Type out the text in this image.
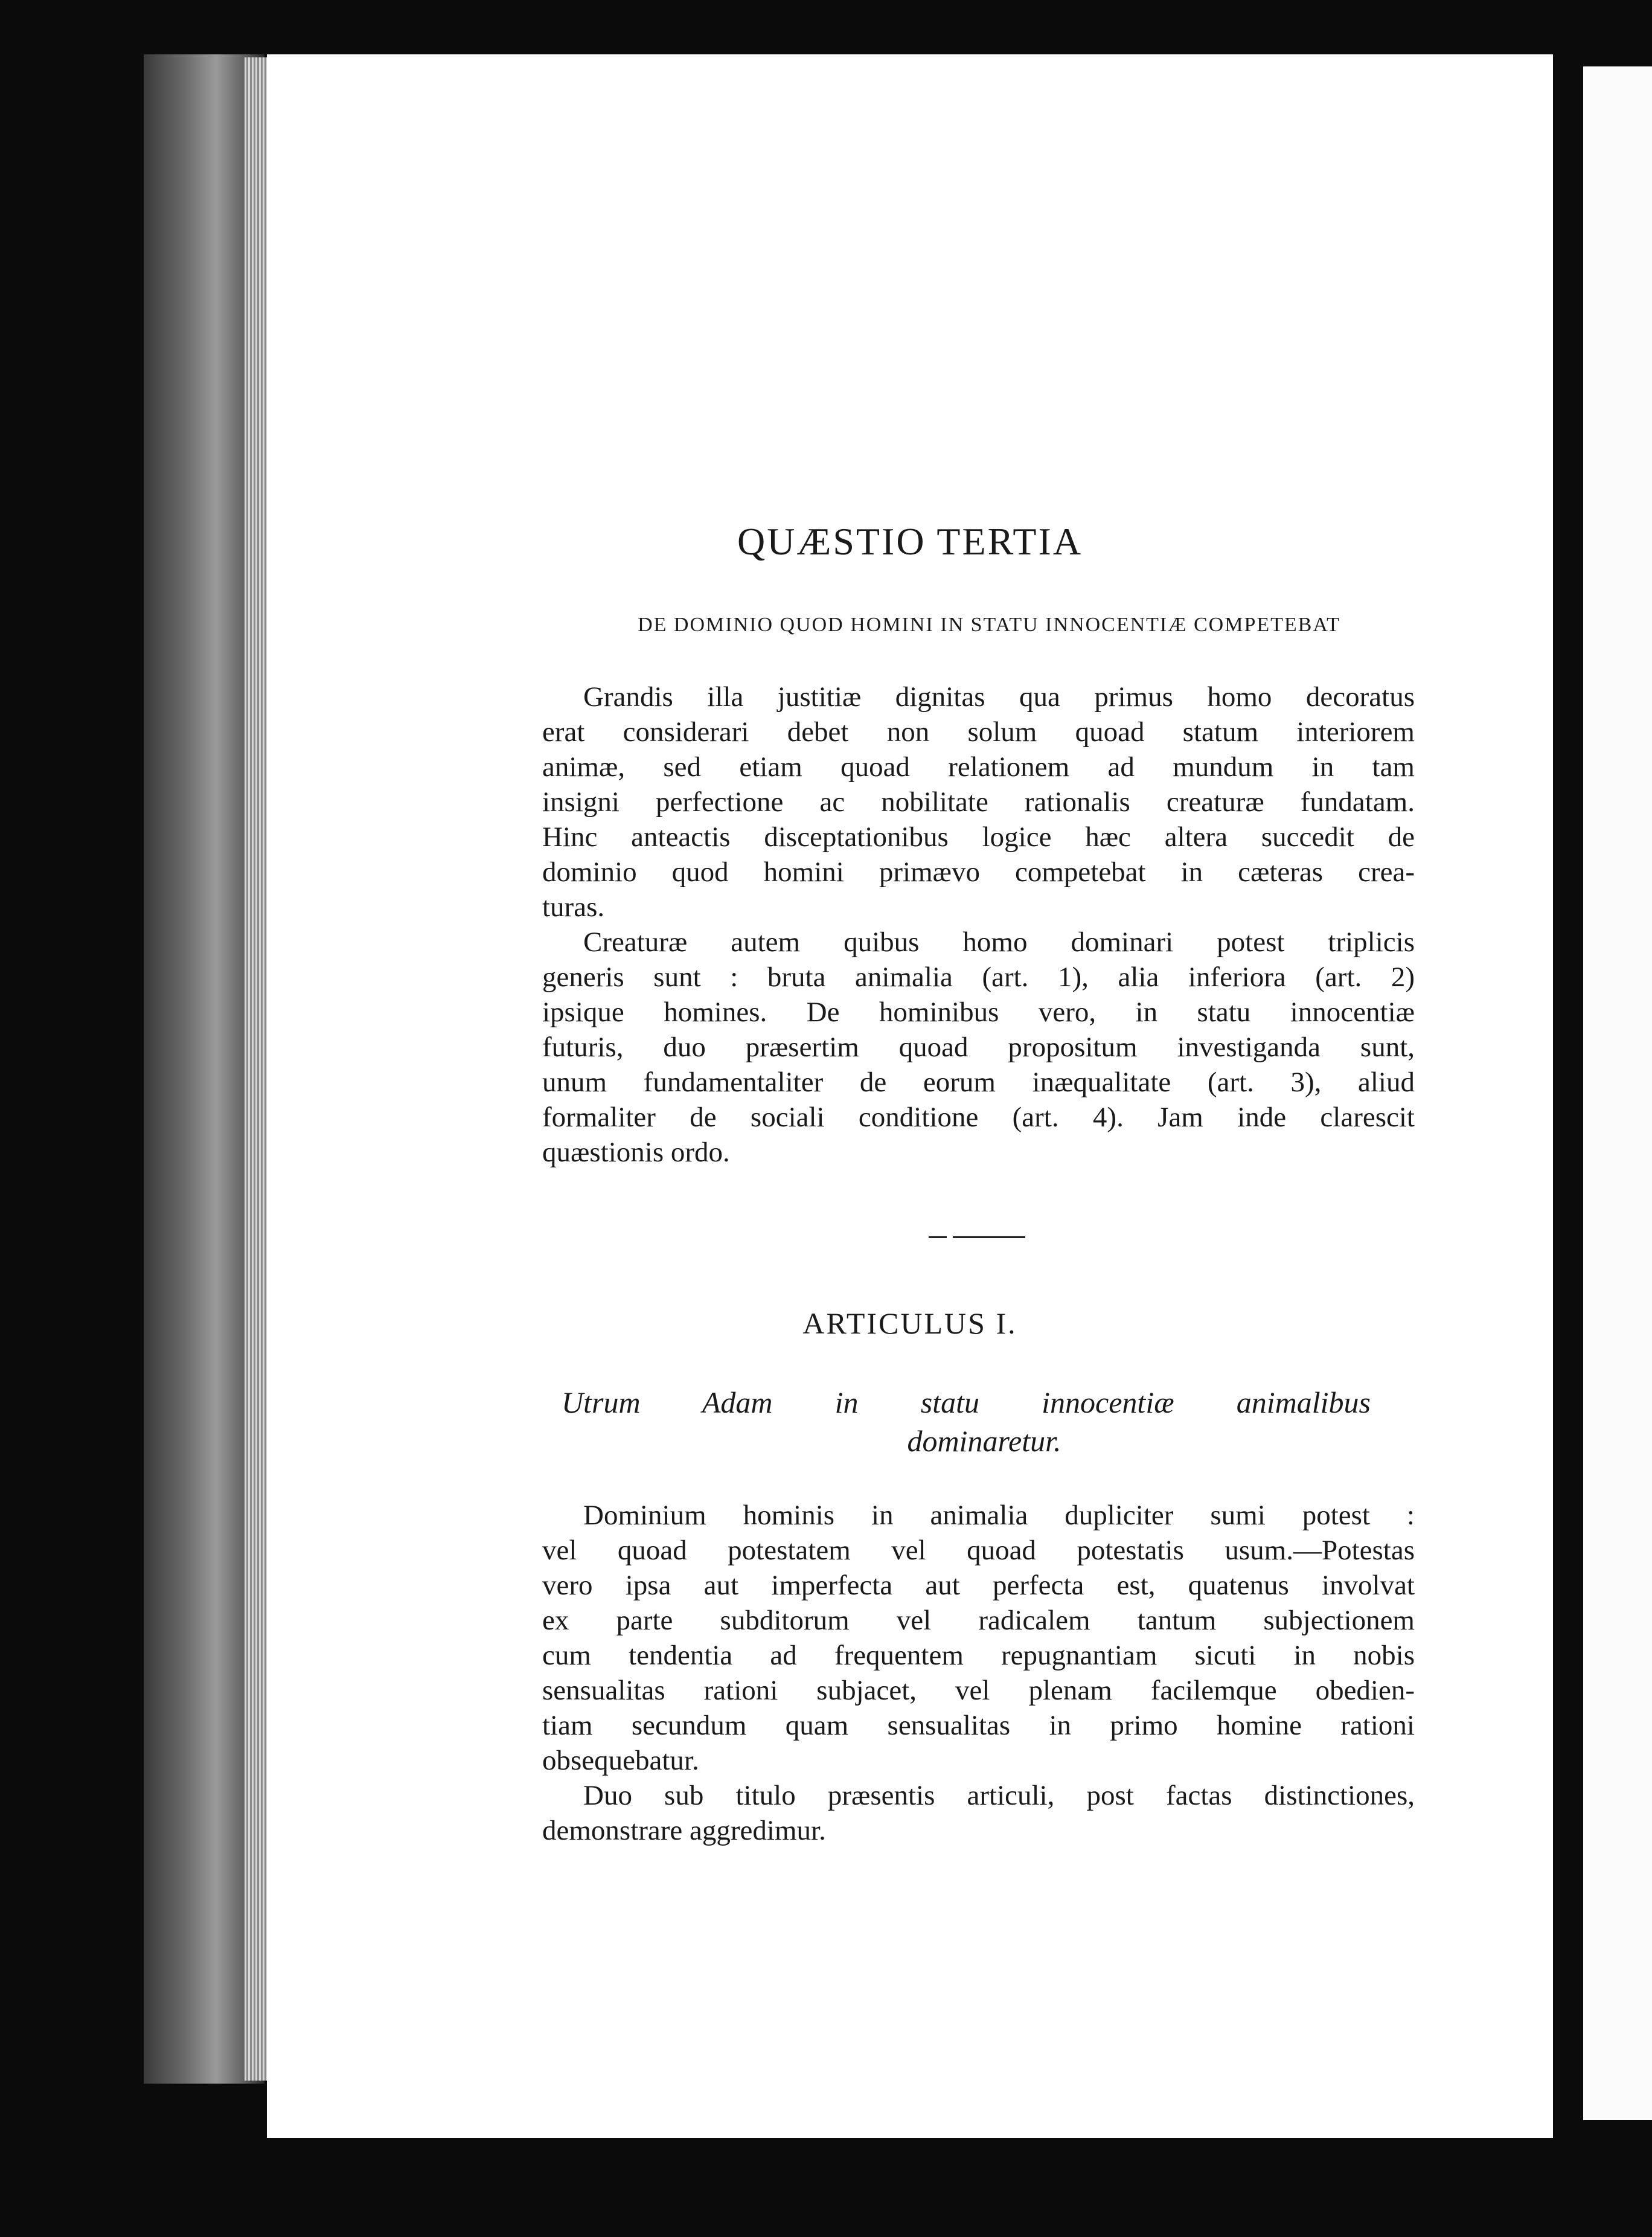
QUÆSTIO TERTIA
DE DOMINIO QUOD HOMINI IN STATU INNOCENTIÆ COMPETEBAT
Grandis illa justitiæ dignitas qua primus homo decoratus
erat considerari debet non solum quoad statum interiorem
animæ, sed etiam quoad relationem ad mundum in tam
insigni perfectione ac nobilitate rationalis creaturæ fundatam.
Hinc anteactis disceptationibus logice hæc altera succedit de
dominio quod homini primævo competebat in cæteras crea-
turas.
Creaturæ autem quibus homo dominari potest triplicis
generis sunt : bruta animalia (art. 1), alia inferiora (art. 2)
ipsique homines. De hominibus vero, in statu innocentiæ
futuris, duo præsertim quoad propositum investiganda sunt,
unum fundamentaliter de eorum inæqualitate (art. 3), aliud
formaliter de sociali conditione (art. 4). Jam inde clarescit
quæstionis ordo.
ARTICULUS I.

Utrum Adam in statu innocentiæ animalibus
dominaretur.

Dominium hominis in animalia dupliciter sumi potest :
vel quoad potestatem vel quoad potestatis usum.—Potestas
vero ipsa aut imperfecta aut perfecta est, quatenus involvat
ex parte subditorum vel radicalem tantum subjectionem
cum tendentia ad frequentem repugnantiam sicuti in nobis
sensualitas rationi subjacet, vel plenam facilemque obedien-
tiam secundum quam sensualitas in primo homine rationi
obsequebatur.
Duo sub titulo præsentis articuli, post factas distinctiones,
demonstrare aggredimur.
